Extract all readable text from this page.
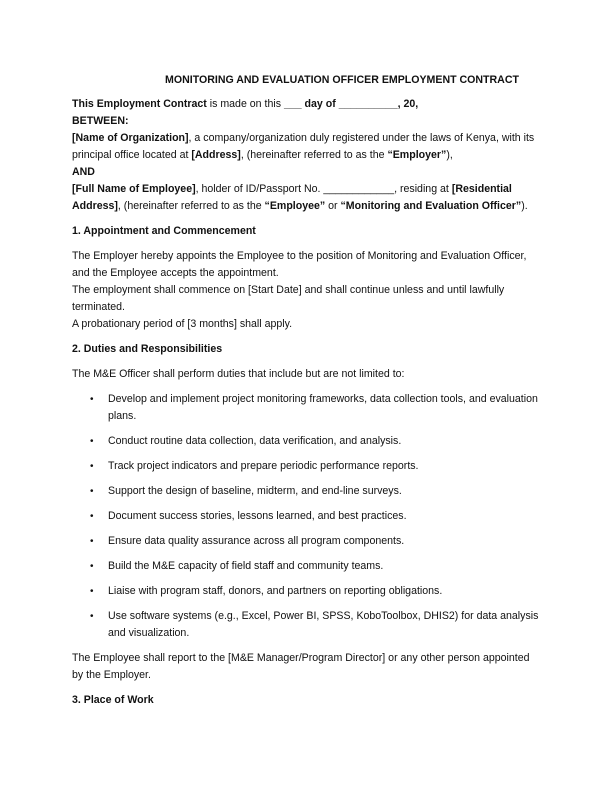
MONITORING AND EVALUATION OFFICER EMPLOYMENT CONTRACT

This Employment Contract is made on this ___ day of __________, 20,

BETWEEN:

[Name of Organization], a company/organization duly registered under the laws of Kenya, with its principal office located at [Address], (hereinafter referred to as the “Employer”),

AND

[Full Name of Employee], holder of ID/Passport No. ____________, residing at [Residential Address], (hereinafter referred to as the “Employee” or “Monitoring and Evaluation Officer”).

1. Appointment and Commencement

The Employer hereby appoints the Employee to the position of Monitoring and Evaluation Officer, and the Employee accepts the appointment.

The employment shall commence on [Start Date] and shall continue unless and until lawfully terminated.

A probationary period of [3 months] shall apply.

2. Duties and Responsibilities

The M&E Officer shall perform duties that include but are not limited to:

• Develop and implement project monitoring frameworks, data collection tools, and evaluation plans.
• Conduct routine data collection, data verification, and analysis.
• Track project indicators and prepare periodic performance reports.
• Support the design of baseline, midterm, and end-line surveys.
• Document success stories, lessons learned, and best practices.
• Ensure data quality assurance across all program components.
• Build the M&E capacity of field staff and community teams.
• Liaise with program staff, donors, and partners on reporting obligations.
• Use software systems (e.g., Excel, Power BI, SPSS, KoboToolbox, DHIS2) for data analysis and visualization.

The Employee shall report to the [M&E Manager/Program Director] or any other person appointed by the Employer.

3. Place of Work
